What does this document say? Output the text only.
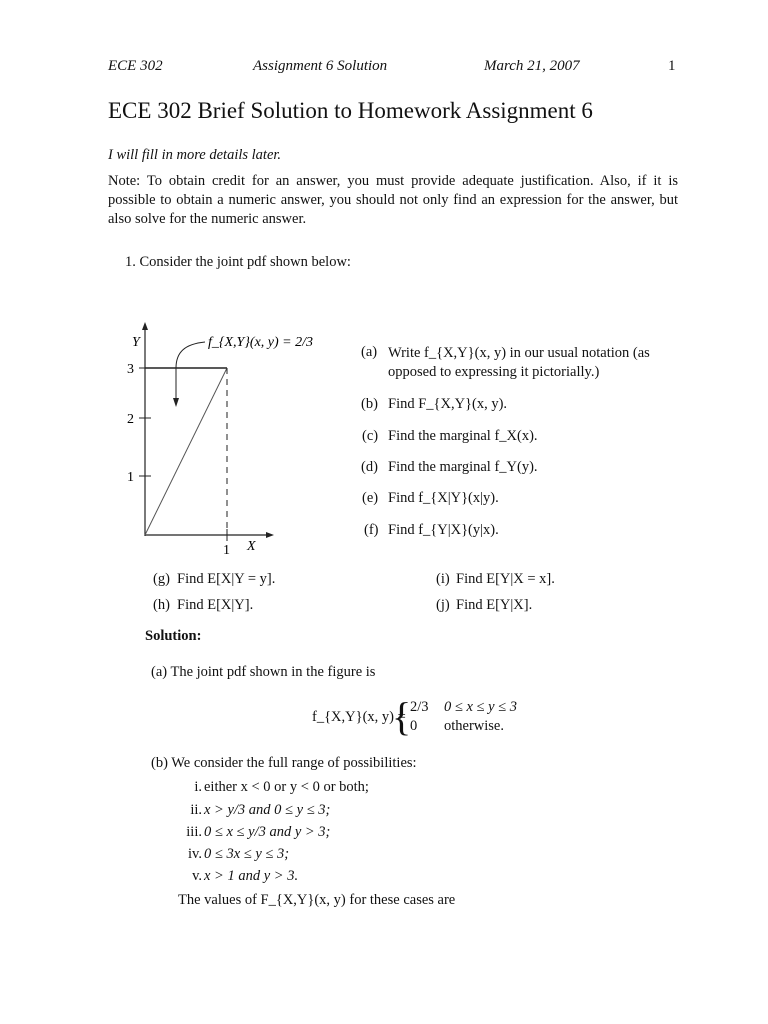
ECE 302	Assignment 6 Solution	March 21, 2007	1
ECE 302 Brief Solution to Homework Assignment 6
I will fill in more details later.
Note: To obtain credit for an answer, you must provide adequate justification. Also, if it is possible to obtain a numeric answer, you should not only find an expression for the answer, but also solve for the numeric answer.
1. Consider the joint pdf shown below:
Y
X
3
2
1
1
f_{X,Y}(x, y) = 2/3
(a) Write f_{X,Y}(x, y) in our usual notation (as opposed to expressing it pictorially.)
(b) Find F_{X,Y}(x, y).
(c) Find the marginal f_X(x).
(d) Find the marginal f_Y(y).
(e) Find f_{X|Y}(x|y).
(f) Find f_{Y|X}(y|x).
(g) Find E[X|Y = y].
(h) Find E[X|Y].
(i) Find E[Y|X = x].
(j) Find E[Y|X].
Solution:
(a) The joint pdf shown in the figure is
f_{X,Y}(x, y) =
{
2/3 0 ≤ x ≤ y ≤ 3
0 otherwise.
(b) We consider the full range of possibilities:
i. either x < 0 or y < 0 or both;
ii. x > y/3 and 0 ≤ y ≤ 3;
iii. 0 ≤ x ≤ y/3 and y > 3;
iv. 0 ≤ 3x ≤ y ≤ 3;
v. x > 1 and y > 3.
The values of F_{X,Y}(x, y) for these cases are
